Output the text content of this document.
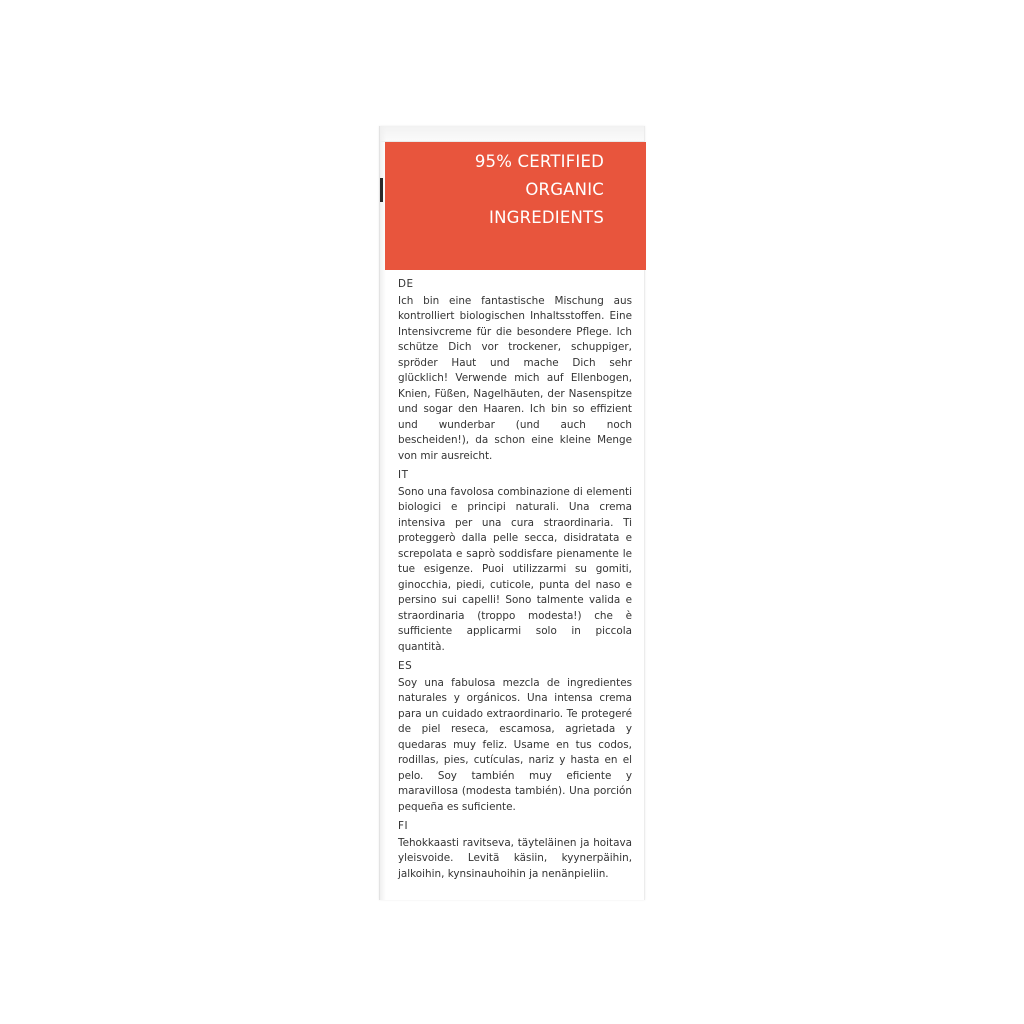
95% CERTIFIED
ORGANIC
INGREDIENTS
DE
Ich bin eine fantastische Mischung aus kontrolliert biologischen Inhaltsstoffen. Eine Intensivcreme für die besondere Pflege. Ich schütze Dich vor trockener, schuppiger, spröder Haut und mache Dich sehr glücklich! Verwende mich auf Ellenbogen, Knien, Füßen, Nagelhäuten, der Nasenspitze und sogar den Haaren. Ich bin so effizient und wunderbar (und auch noch bescheiden!), da schon eine kleine Menge von mir ausreicht.
IT
Sono una favolosa combinazione di elementi biologici e principi naturali. Una crema intensiva per una cura straordinaria. Ti proteggerò dalla pelle secca, disidratata e screpolata e saprò soddisfare pienamente le tue esigenze. Puoi utilizzarmi su gomiti, ginocchia, piedi, cuticole, punta del naso e persino sui capelli! Sono talmente valida e straordinaria (troppo modesta!) che è sufficiente applicarmi solo in piccola quantità.
ES
Soy una fabulosa mezcla de ingredientes naturales y orgánicos. Una intensa crema para un cuidado extraordinario. Te protegeré de piel reseca, escamosa, agrietada y quedaras muy feliz. Usame en tus codos, rodillas, pies, cutículas, nariz y hasta en el pelo. Soy también muy eficiente y maravillosa (modesta también). Una porción pequeña es suficiente.
FI
Tehokkaasti ravitseva, täyteläinen ja hoitava yleisvoide. Levitä käsiin, kyynerpäihin, jalkoihin, kynsinauhoihin ja nenänpieliin.
